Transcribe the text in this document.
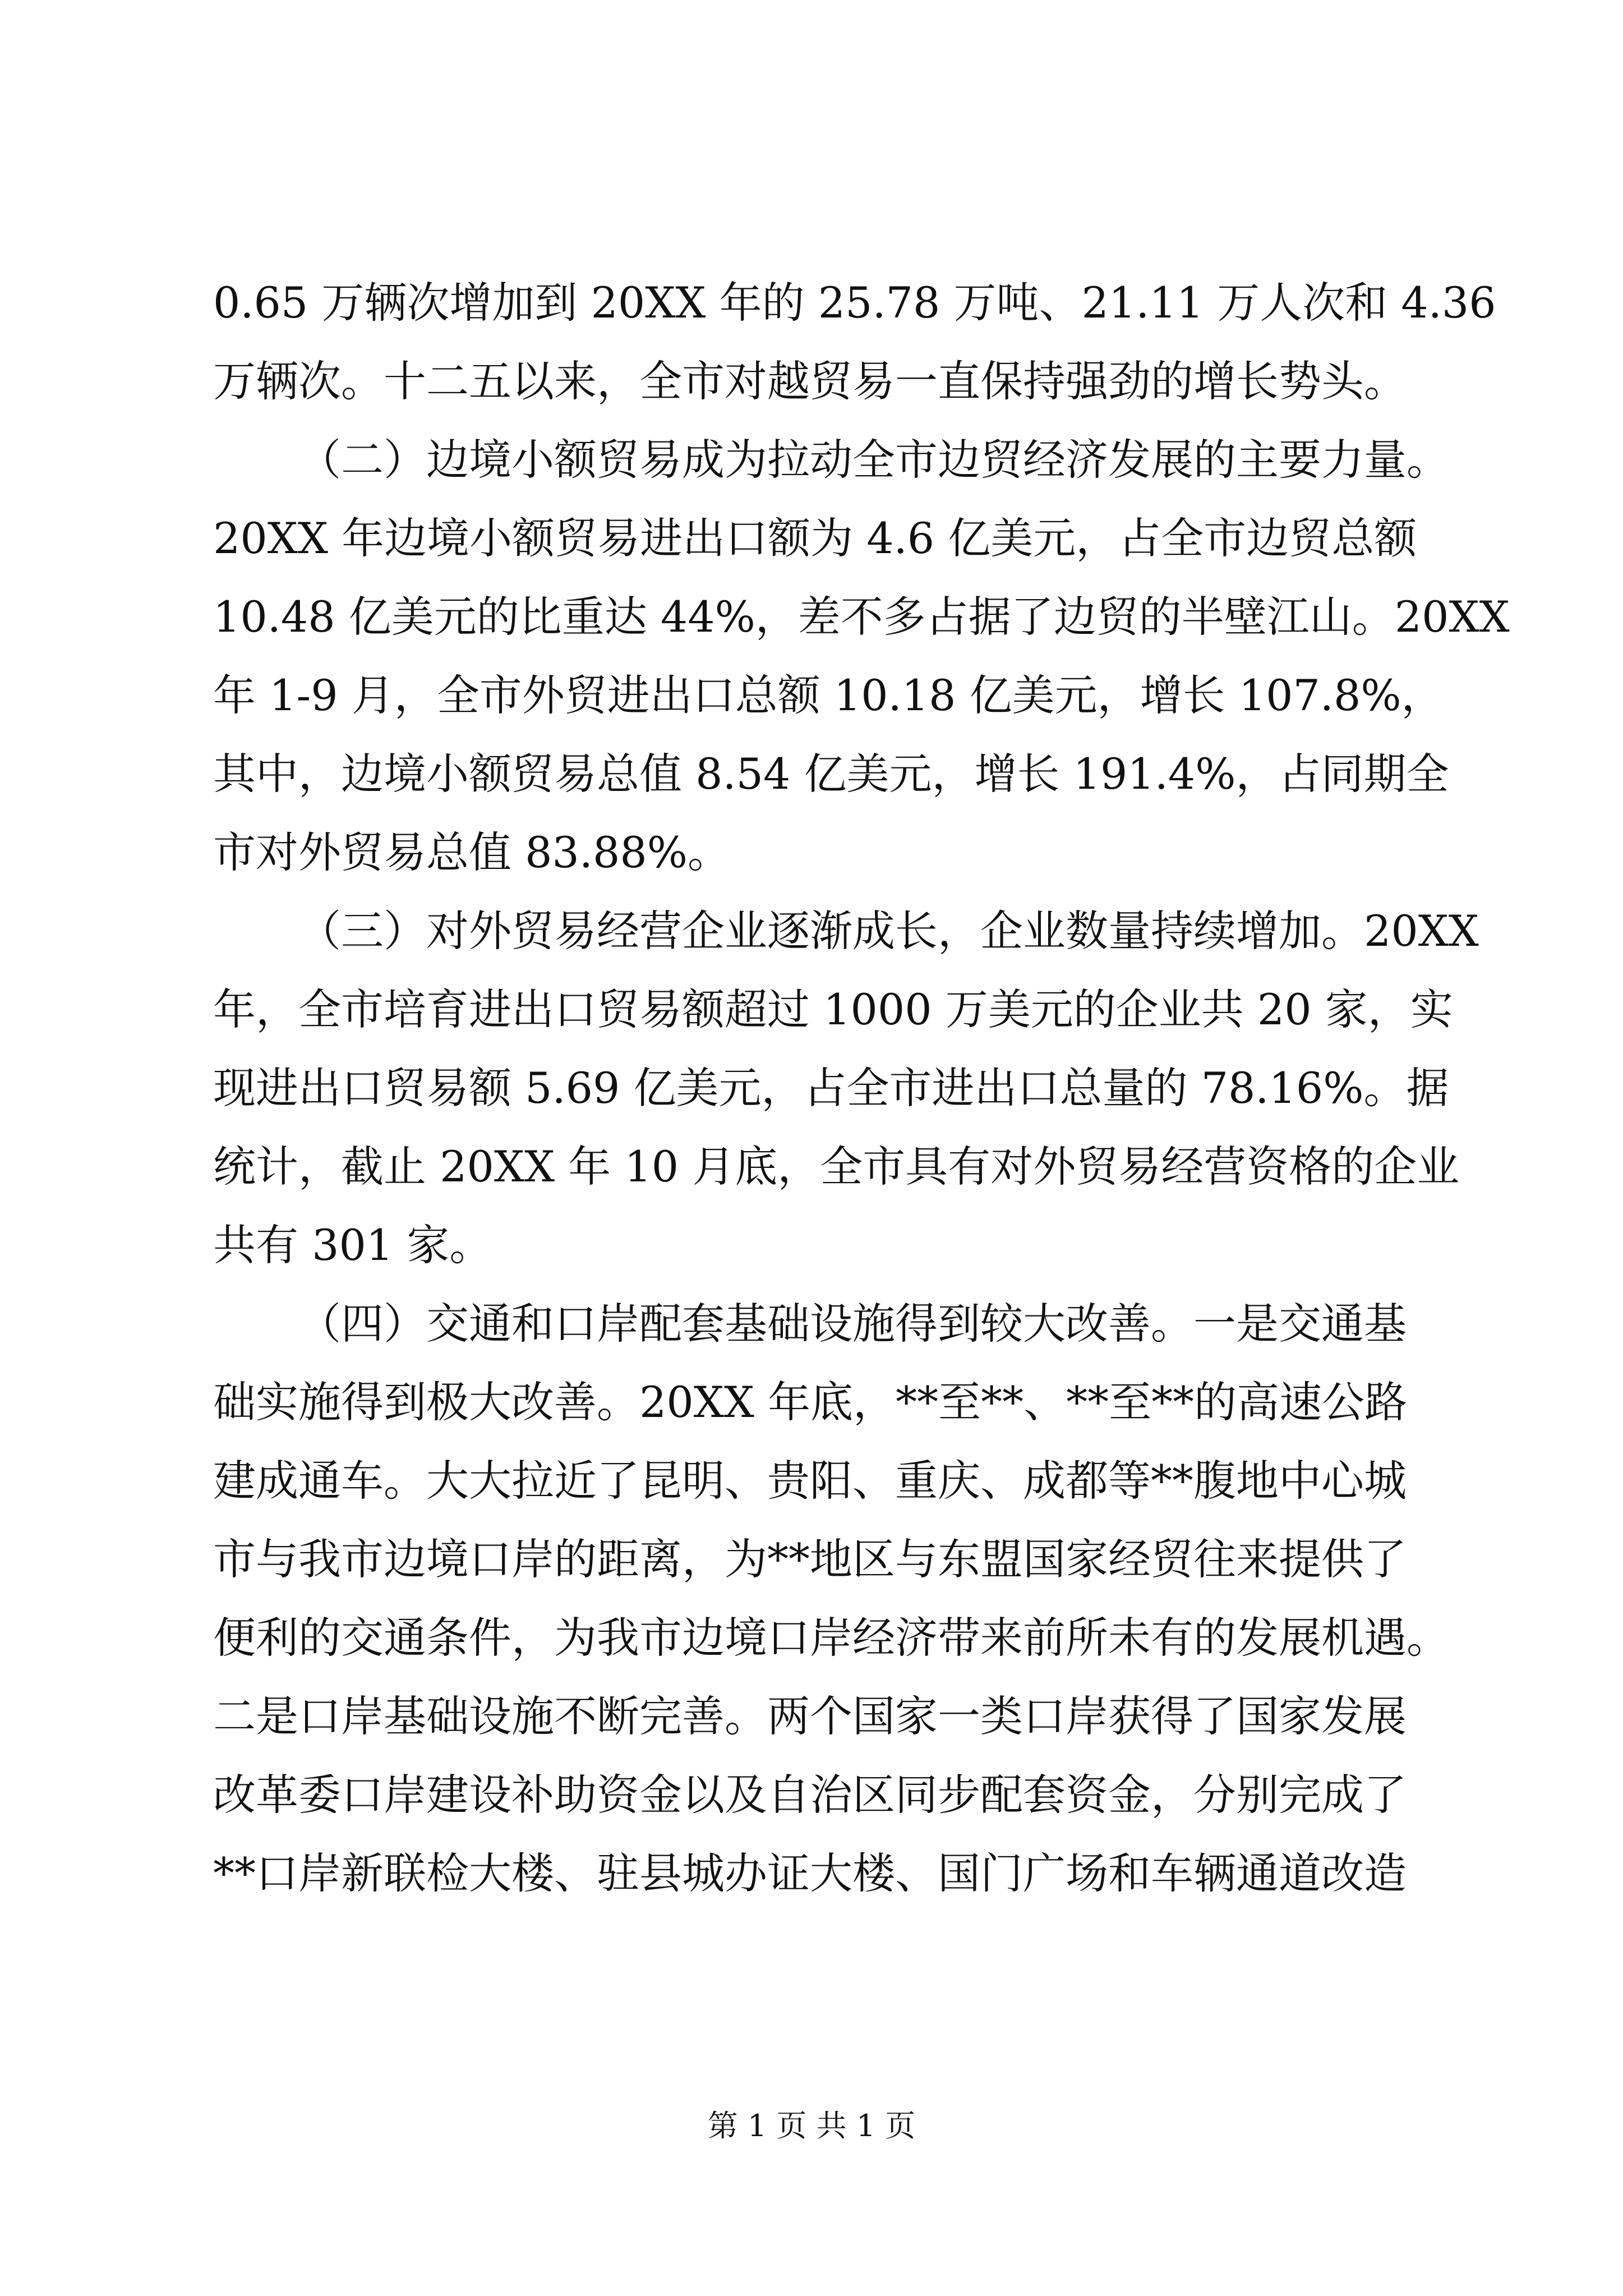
0.65 万辆次增加到 20XX 年的 25.78 万吨、21.11 万人次和 4.36
万辆次。十二五以来，全市对越贸易一直保持强劲的增长势头。
（二）边境小额贸易成为拉动全市边贸经济发展的主要力量。
20XX 年边境小额贸易进出口额为 4.6 亿美元，占全市边贸总额
10.48 亿美元的比重达 44%，差不多占据了边贸的半壁江山。20XX
年 1-9 月，全市外贸进出口总额 10.18 亿美元，增长 107.8%，
其中，边境小额贸易总值 8.54 亿美元，增长 191.4%，占同期全
市对外贸易总值 83.88%。
（三）对外贸易经营企业逐渐成长，企业数量持续增加。20XX
年，全市培育进出口贸易额超过 1000 万美元的企业共 20 家，实
现进出口贸易额 5.69 亿美元，占全市进出口总量的 78.16%。据
统计，截止 20XX 年 10 月底，全市具有对外贸易经营资格的企业
共有 301 家。
（四）交通和口岸配套基础设施得到较大改善。一是交通基
础实施得到极大改善。20XX 年底，**至**、**至**的高速公路
建成通车。大大拉近了昆明、贵阳、重庆、成都等**腹地中心城
市与我市边境口岸的距离，为**地区与东盟国家经贸往来提供了
便利的交通条件，为我市边境口岸经济带来前所未有的发展机遇。
二是口岸基础设施不断完善。两个国家一类口岸获得了国家发展
改革委口岸建设补助资金以及自治区同步配套资金，分别完成了
**口岸新联检大楼、驻县城办证大楼、国门广场和车辆通道改造
第 1 页 共 1 页
